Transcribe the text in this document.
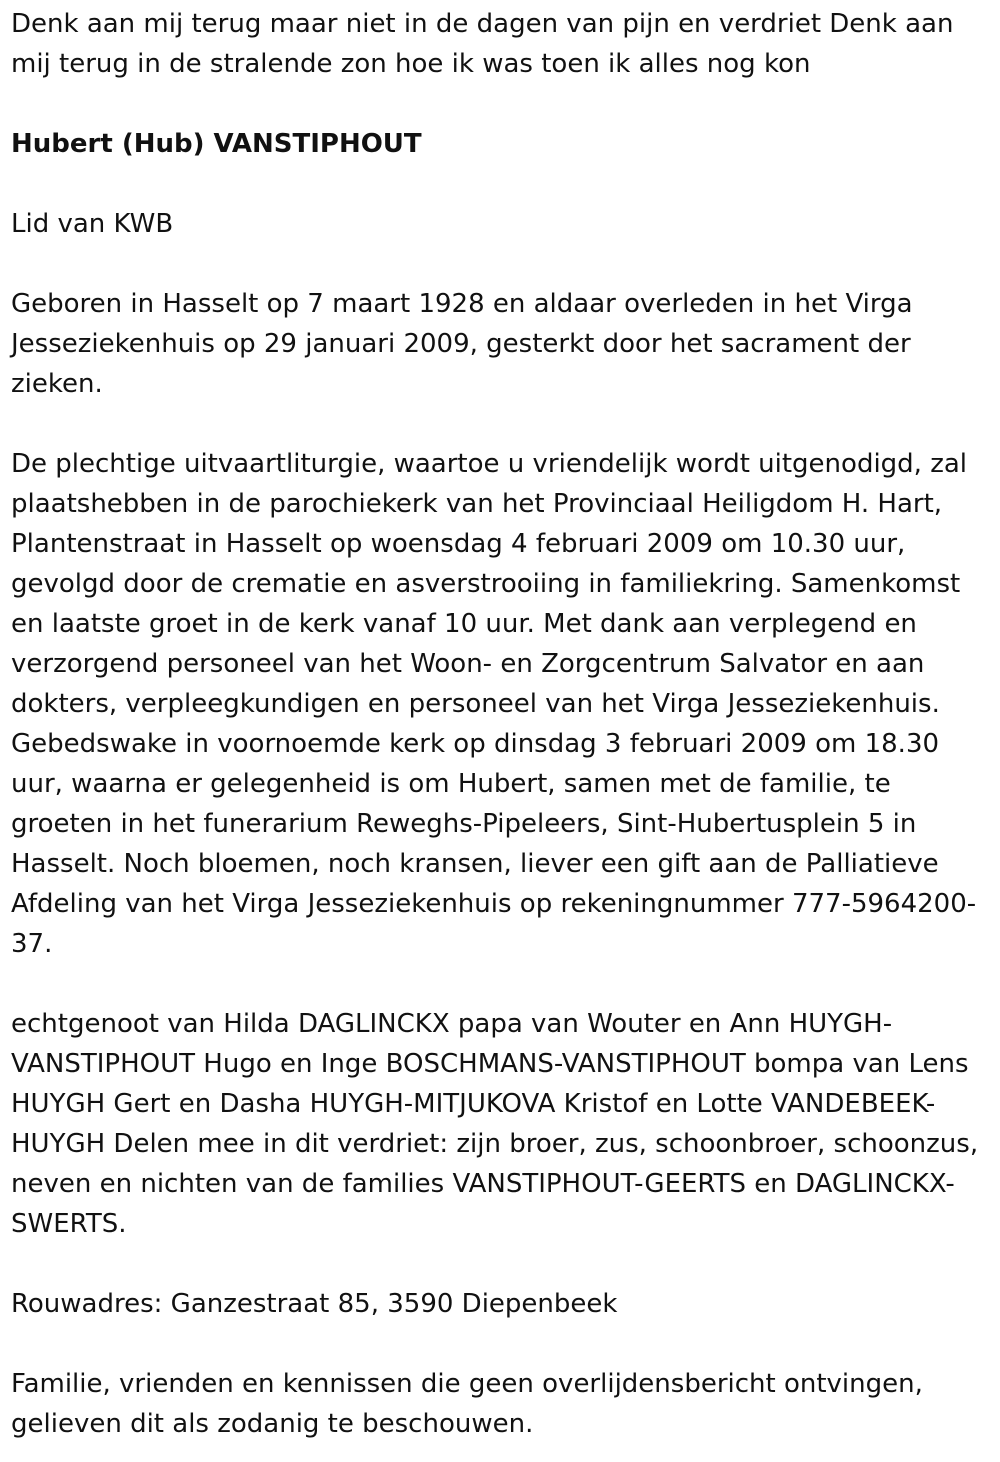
Denk aan mij terug maar niet in de dagen van pijn en verdriet Denk aan mij terug in de stralende zon hoe ik was toen ik alles nog kon

Hubert (Hub) VANSTIPHOUT

Lid van KWB

Geboren in Hasselt op 7 maart 1928 en aldaar overleden in het Virga Jesseziekenhuis op 29 januari 2009, gesterkt door het sacrament der zieken.

De plechtige uitvaartliturgie, waartoe u vriendelijk wordt uitgenodigd, zal plaatshebben in de parochiekerk van het Provinciaal Heiligdom H. Hart, Plantenstraat in Hasselt op woensdag 4 februari 2009 om 10.30 uur, gevolgd door de crematie en asverstrooiing in familiekring. Samenkomst en laatste groet in de kerk vanaf 10 uur. Met dank aan verplegend en verzorgend personeel van het Woon- en Zorgcentrum Salvator en aan dokters, verpleegkundigen en personeel van het Virga Jesseziekenhuis. Gebedswake in voornoemde kerk op dinsdag 3 februari 2009 om 18.30 uur, waarna er gelegenheid is om Hubert, samen met de familie, te groeten in het funerarium Reweghs-Pipeleers, Sint-Hubertusplein 5 in Hasselt. Noch bloemen, noch kransen, liever een gift aan de Palliatieve Afdeling van het Virga Jesseziekenhuis op rekeningnummer 777-5964200-37.

echtgenoot van Hilda DAGLINCKX papa van Wouter en Ann HUYGH-VANSTIPHOUT Hugo en Inge BOSCHMANS-VANSTIPHOUT bompa van Lens HUYGH Gert en Dasha HUYGH-MITJUKOVA Kristof en Lotte VANDEBEEK-HUYGH Delen mee in dit verdriet: zijn broer, zus, schoonbroer, schoonzus, neven en nichten van de families VANSTIPHOUT-GEERTS en DAGLINCKX-SWERTS.

Rouwadres: Ganzestraat 85, 3590 Diepenbeek

Familie, vrienden en kennissen die geen overlijdensbericht ontvingen, gelieven dit als zodanig te beschouwen.
